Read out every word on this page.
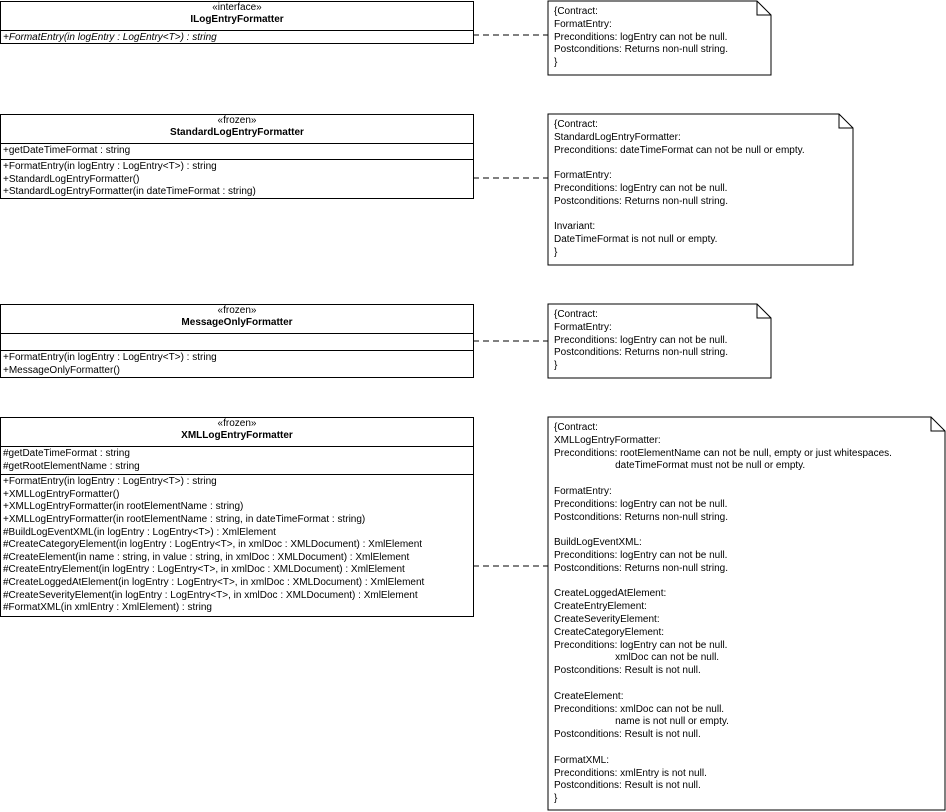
«interface»
ILogEntryFormatter
+FormatEntry(in logEntry : LogEntry<T>) : string
«frozen»
StandardLogEntryFormatter
+getDateTimeFormat : string
+FormatEntry(in logEntry : LogEntry<T>) : string
+StandardLogEntryFormatter()
+StandardLogEntryFormatter(in dateTimeFormat : string)
«frozen»
MessageOnlyFormatter
+FormatEntry(in logEntry : LogEntry<T>) : string
+MessageOnlyFormatter()
«frozen»
XMLLogEntryFormatter
#getDateTimeFormat : string
#getRootElementName : string
+FormatEntry(in logEntry : LogEntry<T>) : string
+XMLLogEntryFormatter()
+XMLLogEntryFormatter(in rootElementName : string)
+XMLLogEntryFormatter(in rootElementName : string, in dateTimeFormat : string)
#BuildLogEventXML(in logEntry : LogEntry<T>) : XmlElement
#CreateCategoryElement(in logEntry : LogEntry<T>, in xmlDoc : XMLDocument) : XmlElement
#CreateElement(in name : string, in value : string, in xmlDoc : XMLDocument) : XmlElement
#CreateEntryElement(in logEntry : LogEntry<T>, in xmlDoc : XMLDocument) : XmlElement
#CreateLoggedAtElement(in logEntry : LogEntry<T>, in xmlDoc : XMLDocument) : XmlElement
#CreateSeverityElement(in logEntry : LogEntry<T>, in xmlDoc : XMLDocument) : XmlElement
#FormatXML(in xmlEntry : XmlElement) : string
{Contract:
FormatEntry:
Preconditions: logEntry can not be null.
Postconditions: Returns non-null string.
}
{Contract:
StandardLogEntryFormatter:
Preconditions: dateTimeFormat can not be null or empty.

FormatEntry:
Preconditions: logEntry can not be null.
Postconditions: Returns non-null string.

Invariant:
DateTimeFormat is not null or empty.
}
{Contract:
FormatEntry:
Preconditions: logEntry can not be null.
Postconditions: Returns non-null string.
}
{Contract:
XMLLogEntryFormatter:
Preconditions: rootElementName can not be null, empty or just whitespaces.
dateTimeFormat must not be null or empty.

FormatEntry:
Preconditions: logEntry can not be null.
Postconditions: Returns non-null string.

BuildLogEventXML:
Preconditions: logEntry can not be null.
Postconditions: Returns non-null string.

CreateLoggedAtElement:
CreateEntryElement:
CreateSeverityElement:
CreateCategoryElement:
Preconditions: logEntry can not be null.
xmlDoc can not be null.
Postconditions: Result is not null.

CreateElement:
Preconditions: xmlDoc can not be null.
name is not null or empty.
Postconditions: Result is not null.

FormatXML:
Preconditions: xmlEntry is not null.
Postconditions: Result is not null.
}
